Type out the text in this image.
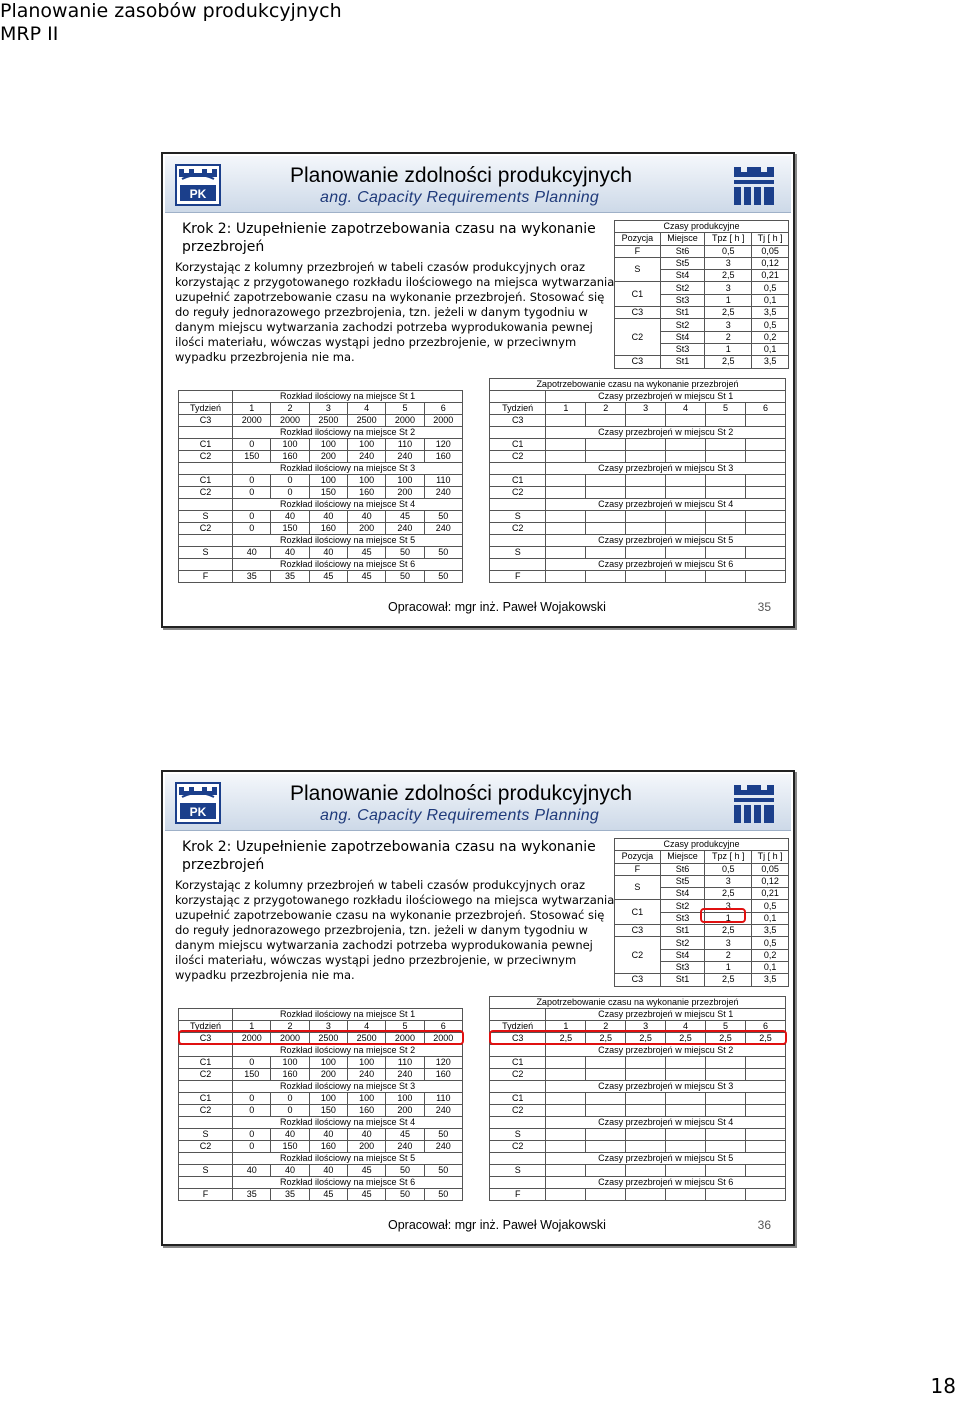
Planowanie zasobów produkcyjnych
MRP II
PK
Planowanie zdolności produkcyjnych
ang. Capacity Requirements Planning
Krok 2: Uzupełnienie zapotrzebowania czasu na wykonanie przezbrojeń
Korzystając z kolumny przezbrojeń w tabeli czasów produkcyjnych oraz korzystając z przygotowanego rozkładu ilościowego na miejsca wytwarzania uzupełnić zapotrzebowanie czasu na wykonanie przezbrojeń. Stosować się do reguły jednorazowego przezbrojenia, tzn. jeżeli w danym tygodniu w danym miejscu wytwarzania zachodzi potrzeba wyprodukowania pewnej ilości materiału, wówczas wystąpi jedno przezbrojenie, w przeciwnym wypadku przezbrojenia nie ma.
Czasy produkcyjne			
Pozycja	Miejsce	Tpz [ h ]	Tj [ h ]
F	St6	0,5	0,05
S	St5	3	0,12
	St4	2,5	0,21
C1	St2	3	0,5
	St3	1	0,1
C3	St1	2,5	3,5
C2	St2	3	0,5
	St4	2	0,2
	St3	1	0,1
C3	St1	2,5	3,5
	Rozkład ilościowy na miejsce St 1					
Tydzień	1	2	3	4	5	6
C3	2000	2000	2500	2500	2000	2000
	Rozkład ilościowy na miejsce St 2					
C1	0	100	100	100	110	120
C2	150	160	200	240	240	160
	Rozkład ilościowy na miejsce St 3					
C1	0	0	100	100	100	110
C2	0	0	150	160	200	240
	Rozkład ilościowy na miejsce St 4					
S	0	40	40	40	45	50
C2	0	150	160	200	240	240
	Rozkład ilościowy na miejsce St 5					
S	40	40	40	45	50	50
	Rozkład ilościowy na miejsce St 6					
F	35	35	45	45	50	50
Zapotrzebowanie czasu na wykonanie przezbrojeń						
	Czasy przezbrojeń w miejscu St 1					
Tydzień	1	2	3	4	5	6
C3						
	Czasy przezbrojeń w miejscu St 2					
C1						
C2						
	Czasy przezbrojeń w miejscu St 3					
C1						
C2						
	Czasy przezbrojeń w miejscu St 4					
S						
C2						
	Czasy przezbrojeń w miejscu St 5					
S						
	Czasy przezbrojeń w miejscu St 6					
F						
Opracował: mgr inż. Paweł Wojakowski	35
PK
Planowanie zdolności produkcyjnych
ang. Capacity Requirements Planning
Krok 2: Uzupełnienie zapotrzebowania czasu na wykonanie przezbrojeń
Korzystając z kolumny przezbrojeń w tabeli czasów produkcyjnych oraz korzystając z przygotowanego rozkładu ilościowego na miejsca wytwarzania uzupełnić zapotrzebowanie czasu na wykonanie przezbrojeń. Stosować się do reguły jednorazowego przezbrojenia, tzn. jeżeli w danym tygodniu w danym miejscu wytwarzania zachodzi potrzeba wyprodukowania pewnej ilości materiału, wówczas wystąpi jedno przezbrojenie, w przeciwnym wypadku przezbrojenia nie ma.
Czasy produkcyjne			
Pozycja	Miejsce	Tpz [ h ]	Tj [ h ]
F	St6	0,5	0,05
S	St5	3	0,12
	St4	2,5	0,21
C1	St2	3	0,5
	St3	1	0,1
C3	St1	2,5	3,5
C2	St2	3	0,5
	St4	2	0,2
	St3	1	0,1
C3	St1	2,5	3,5
	Rozkład ilościowy na miejsce St 1					
Tydzień	1	2	3	4	5	6
C3	2000	2000	2500	2500	2000	2000
	Rozkład ilościowy na miejsce St 2					
C1	0	100	100	100	110	120
C2	150	160	200	240	240	160
	Rozkład ilościowy na miejsce St 3					
C1	0	0	100	100	100	110
C2	0	0	150	160	200	240
	Rozkład ilościowy na miejsce St 4					
S	0	40	40	40	45	50
C2	0	150	160	200	240	240
	Rozkład ilościowy na miejsce St 5					
S	40	40	40	45	50	50
	Rozkład ilościowy na miejsce St 6					
F	35	35	45	45	50	50
Zapotrzebowanie czasu na wykonanie przezbrojeń						
	Czasy przezbrojeń w miejscu St 1					
Tydzień	1	2	3	4	5	6
C3	2,5	2,5	2,5	2,5	2,5	2,5
	Czasy przezbrojeń w miejscu St 2					
C1						
C2						
	Czasy przezbrojeń w miejscu St 3					
C1						
C2						
	Czasy przezbrojeń w miejscu St 4					
S						
C2						
	Czasy przezbrojeń w miejscu St 5					
S						
	Czasy przezbrojeń w miejscu St 6					
F						
Opracował: mgr inż. Paweł Wojakowski	36
18
